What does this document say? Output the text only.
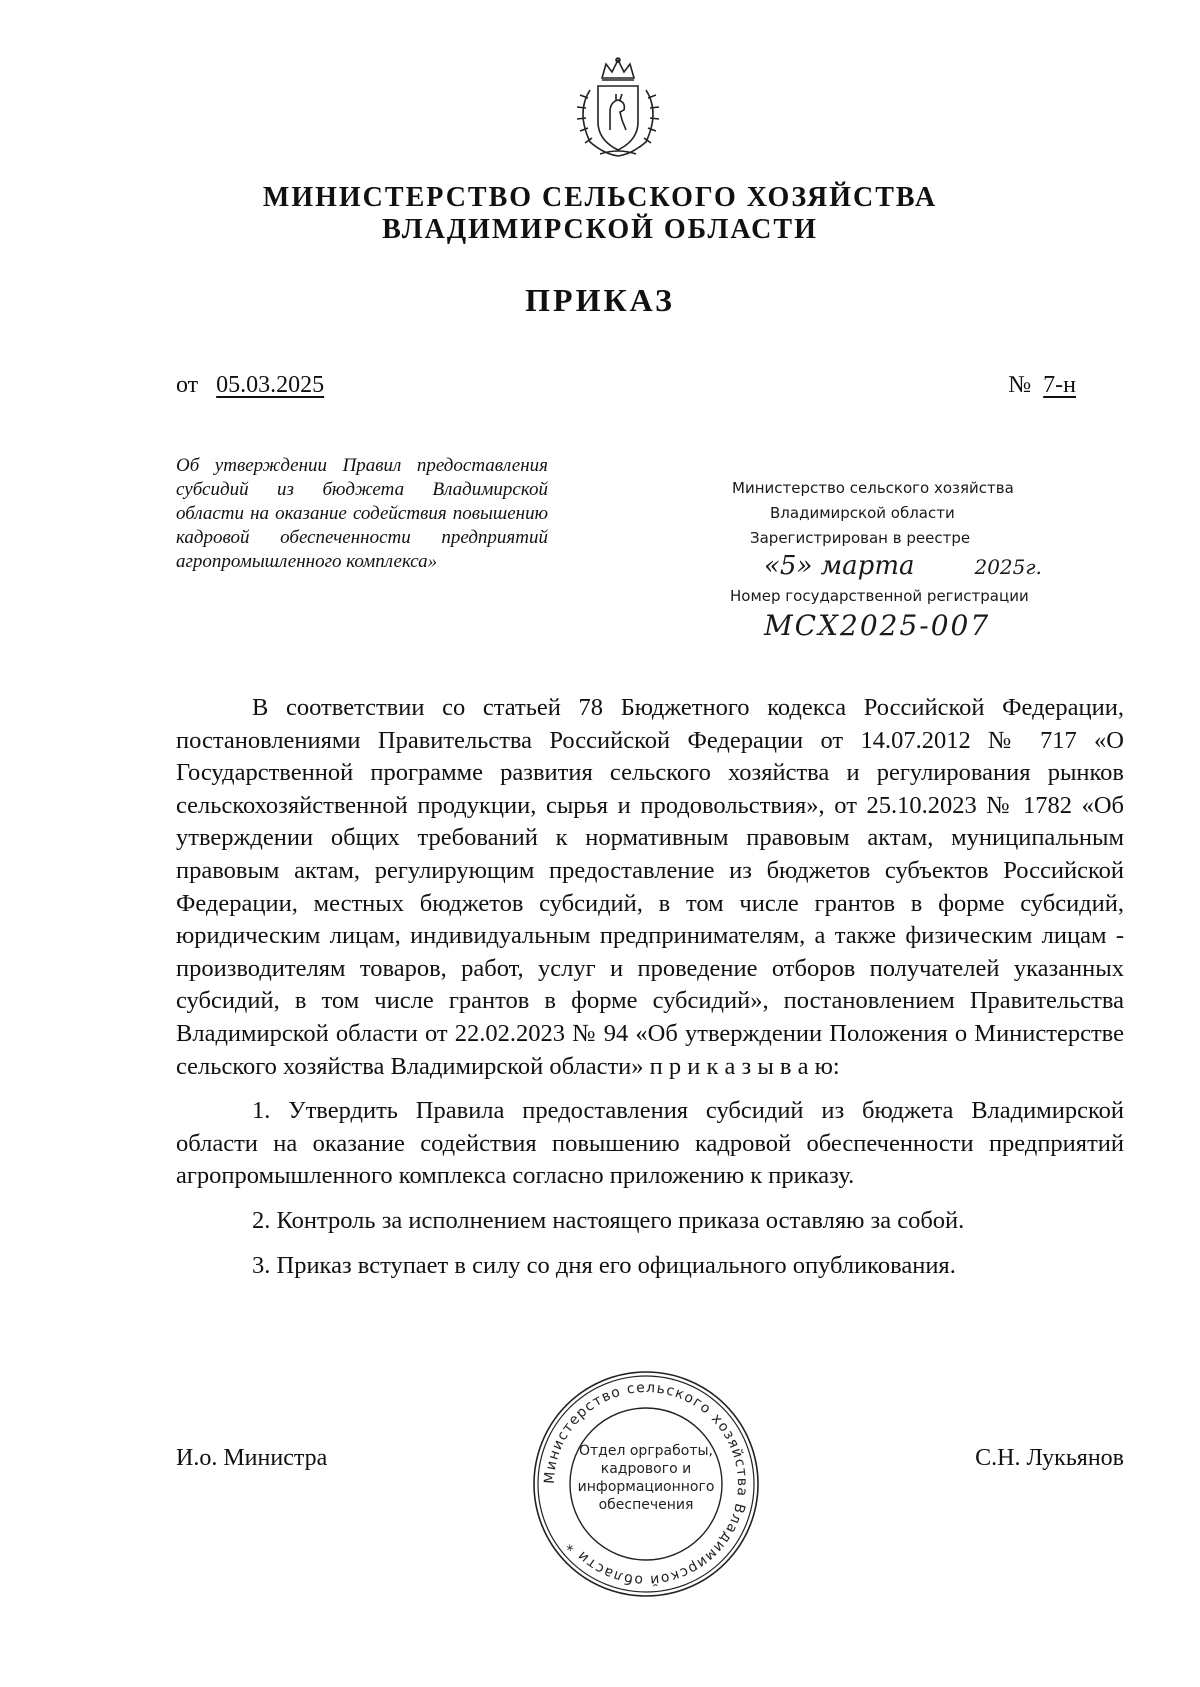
МИНИСТЕРСТВО СЕЛЬСКОГО ХОЗЯЙСТВА
ВЛАДИМИРСКОЙ ОБЛАСТИ
ПРИКАЗ
от 05.03.2025	№ 7-н
Об утверждении Правил предоставления субсидий из бюджета Владимирской области на оказание содействия повышению кадровой обеспеченности предприятий агропромышленного комплекса»
Министерство сельского хозяйства
Владимирской области
Зарегистрирован в реестре
«5» марта	2025г.
Номер государственной регистрации
МСХ2025-007

В соответствии со статьей 78 Бюджетного кодекса Российской Федерации, постановлениями Правительства Российской Федерации от 14.07.2012 № 717 «О Государственной программе развития сельского хозяйства и регулирования рынков сельскохозяйственной продукции, сырья и продовольствия», от 25.10.2023 № 1782 «Об утверждении общих требований к нормативным правовым актам, муниципальным правовым актам, регулирующим предоставление из бюджетов субъектов Российской Федерации, местных бюджетов субсидий, в том числе грантов в форме субсидий, юридическим лицам, индивидуальным предпринимателям, а также физическим лицам - производителям товаров, работ, услуг и проведение отборов получателей указанных субсидий, в том числе грантов в форме субсидий», постановлением Правительства Владимирской области от 22.02.2023 № 94 «Об утверждении Положения о Министерстве сельского хозяйства Владимирской области» п р и к а з ы в а ю:

1. Утвердить Правила предоставления субсидий из бюджета Владимирской области на оказание содействия повышению кадровой обеспеченности предприятий агропромышленного комплекса согласно приложению к приказу.

2. Контроль за исполнением настоящего приказа оставляю за собой.

3. Приказ вступает в силу со дня его официального опубликования.

И.о. Министра	С.Н. Лукьянов
Министерство сельского хозяйства Владимирской области *
Отдел оргработы, кадрового и информационного обеспечения
